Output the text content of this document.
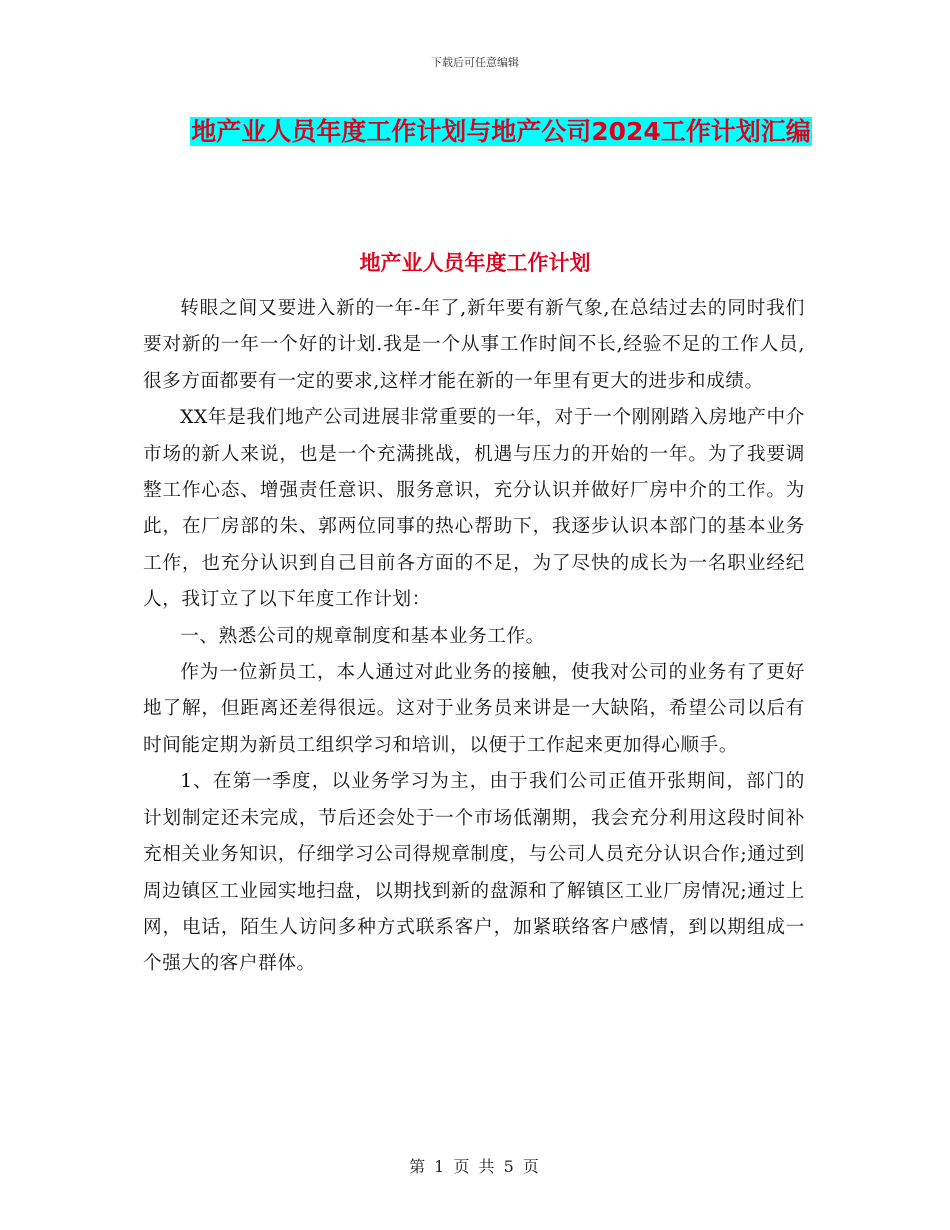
下载后可任意编辑
地产业人员年度工作计划与地产公司2024工作计划汇编
地产业人员年度工作计划

转眼之间又要进入新的一年-年了,新年要有新气象,在总结过去的同时我们要对新的一年一个好的计划.我是一个从事工作时间不长,经验不足的工作人员,很多方面都要有一定的要求,这样才能在新的一年里有更大的进步和成绩。

XX年是我们地产公司进展非常重要的一年，对于一个刚刚踏入房地产中介市场的新人来说，也是一个充满挑战，机遇与压力的开始的一年。为了我要调整工作心态、增强责任意识、服务意识，充分认识并做好厂房中介的工作。为此，在厂房部的朱、郭两位同事的热心帮助下，我逐步认识本部门的基本业务工作，也充分认识到自己目前各方面的不足，为了尽快的成长为一名职业经纪人，我订立了以下年度工作计划：

一、熟悉公司的规章制度和基本业务工作。

作为一位新员工，本人通过对此业务的接触，使我对公司的业务有了更好地了解，但距离还差得很远。这对于业务员来讲是一大缺陷，希望公司以后有时间能定期为新员工组织学习和培训，以便于工作起来更加得心顺手。

1、在第一季度，以业务学习为主，由于我们公司正值开张期间，部门的计划制定还未完成，节后还会处于一个市场低潮期，我会充分利用这段时间补充相关业务知识，仔细学习公司得规章制度，与公司人员充分认识合作;通过到周边镇区工业园实地扫盘，以期找到新的盘源和了解镇区工业厂房情况;通过上网，电话，陌生人访问多种方式联系客户，加紧联络客户感情，到以期组成一个强大的客户群体。

第 1 页 共 5 页
